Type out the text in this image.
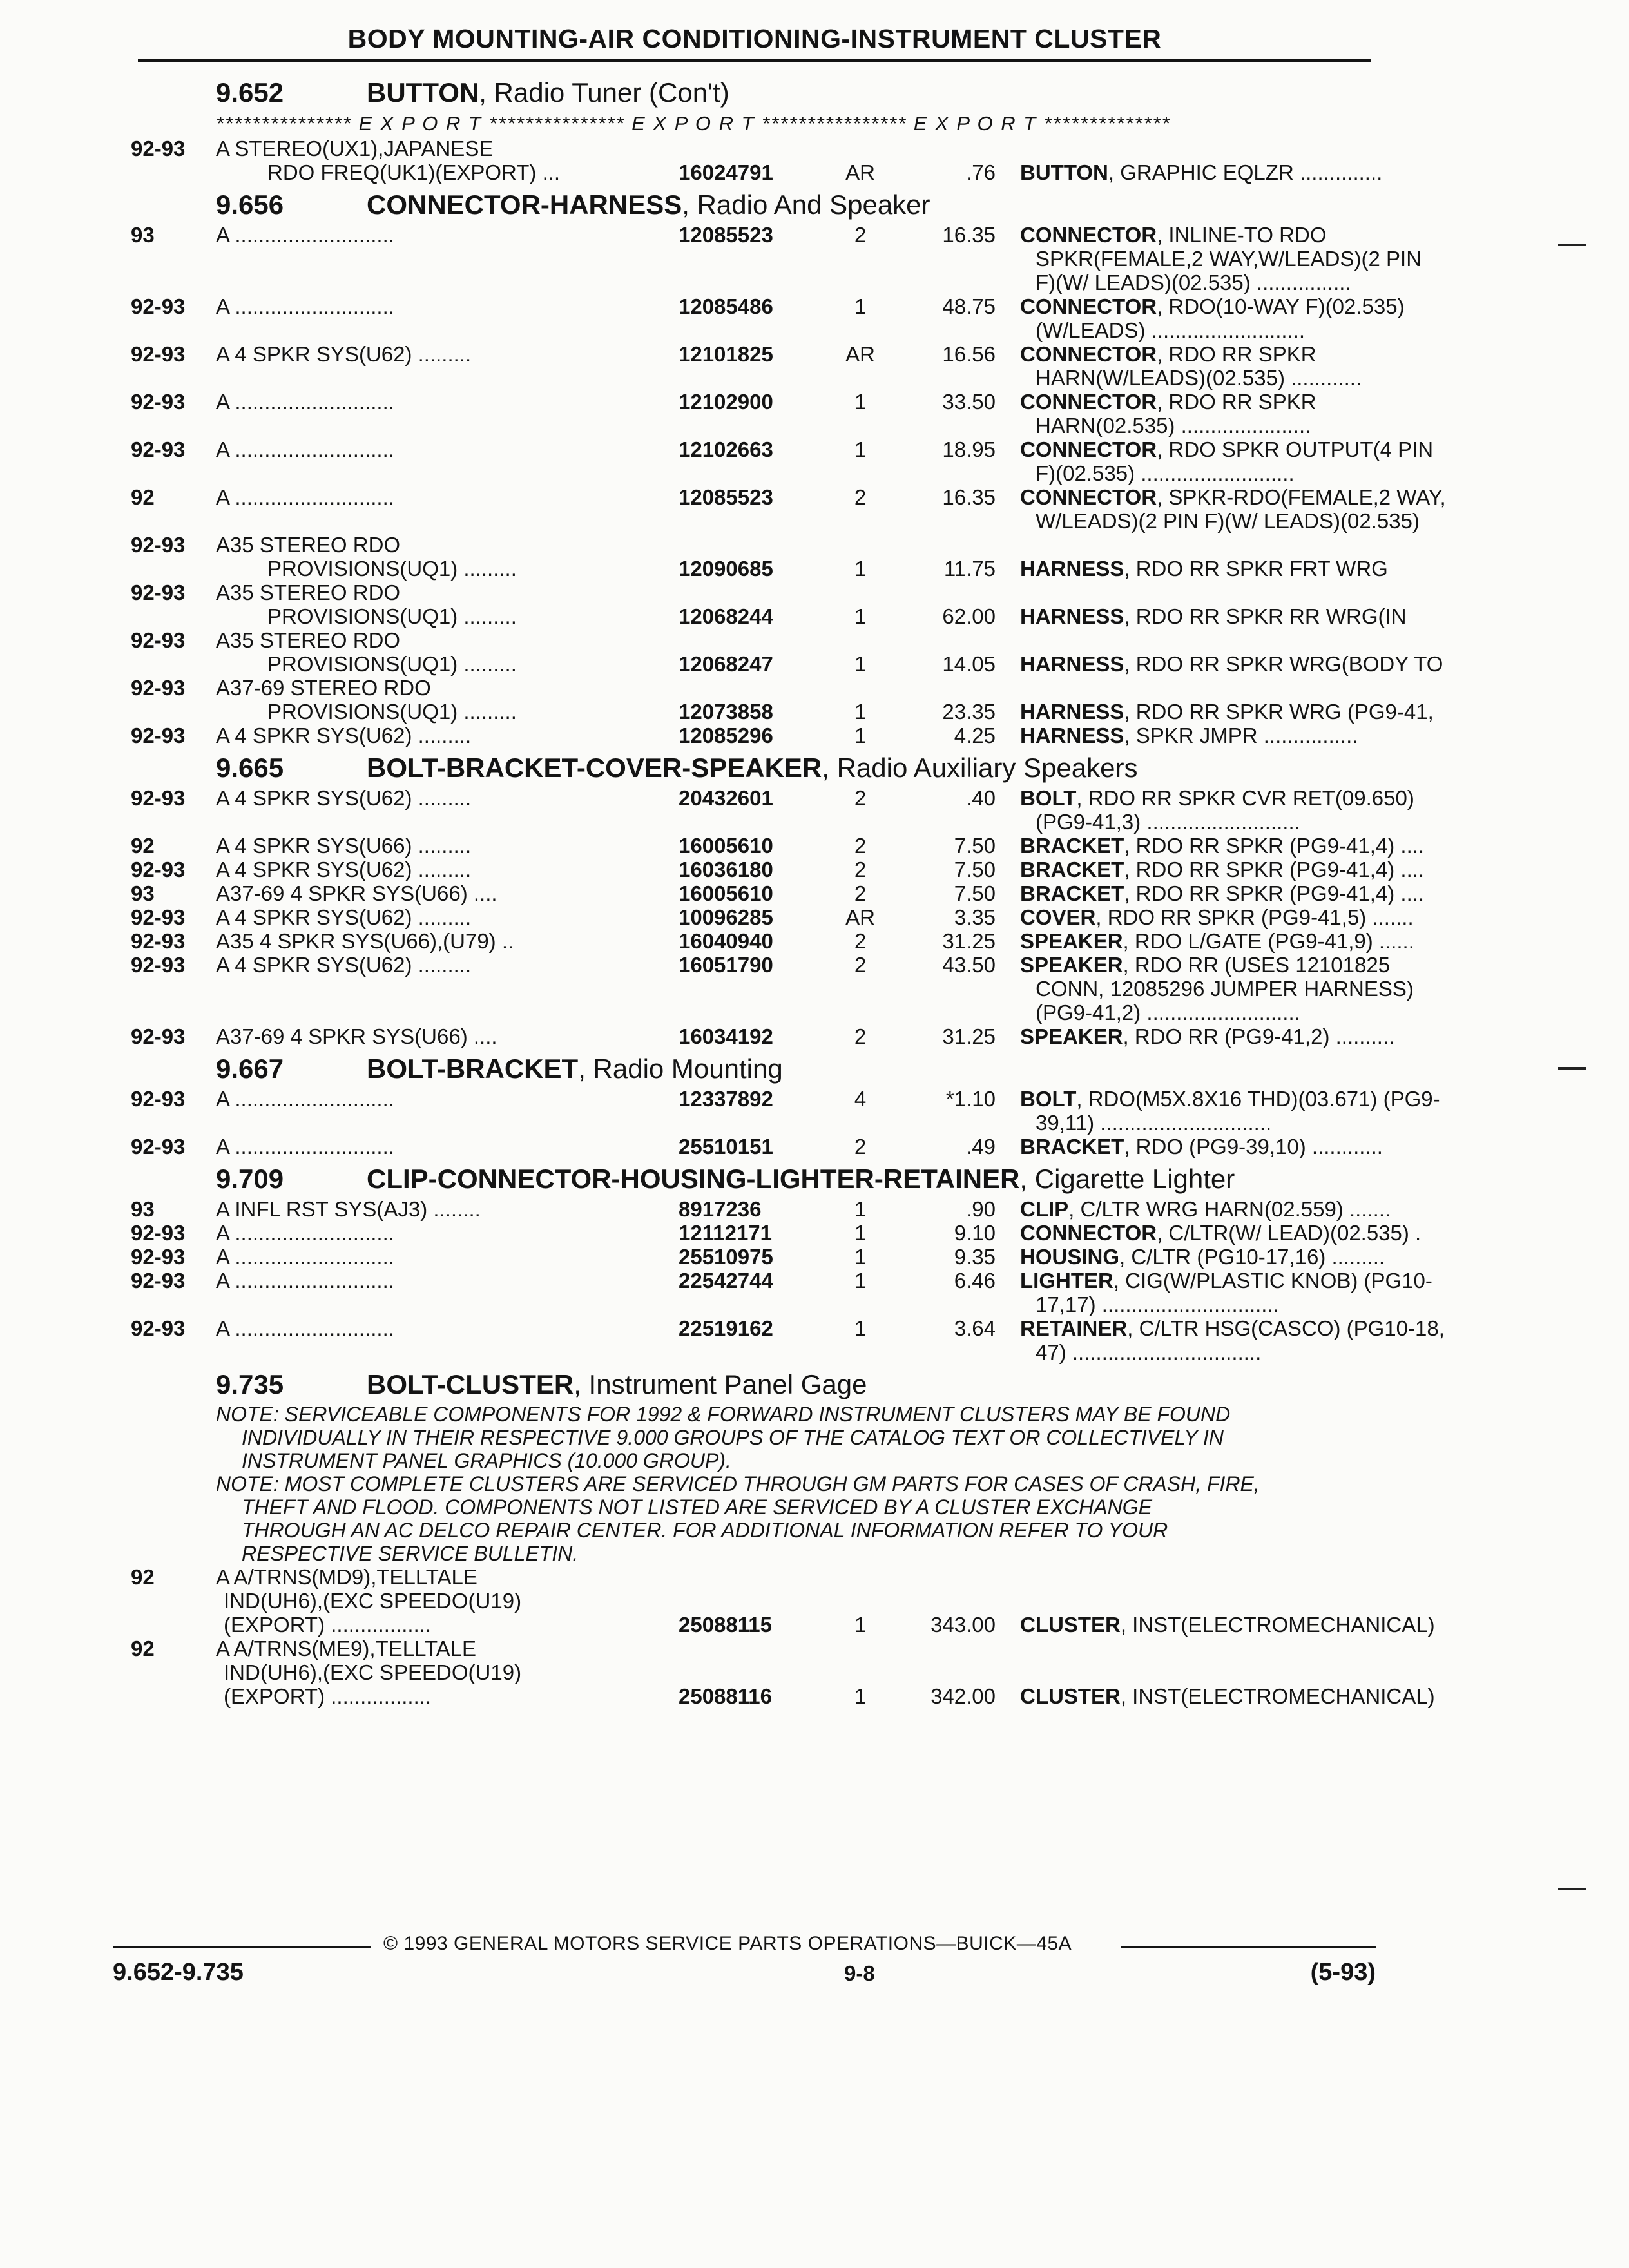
BODY MOUNTING-AIR CONDITIONING-INSTRUMENT CLUSTER
9.652	BUTTON, Radio Tuner (Con't)
*************** E X P O R T *************** E X P O R T **************** E X P O R T **************
92-93 A STEREO(UX1),JAPANESE
RDO FREQ(UK1)(EXPORT) ...	16024791	AR	.76 BUTTON, GRAPHIC EQLZR ..............
9.656	CONNECTOR-HARNESS, Radio And Speaker
93	A ...........................	12085523	2	16.35 CONNECTOR, INLINE-TO RDO
SPKR(FEMALE,2 WAY,W/LEADS)(2 PIN
F)(W/ LEADS)(02.535) ................
92-93 A ...........................	12085486	1	48.75 CONNECTOR, RDO(10-WAY F)(02.535)
(W/LEADS) ..........................
92-93 A 4 SPKR SYS(U62) .........	12101825	AR	16.56 CONNECTOR, RDO RR SPKR
HARN(W/LEADS)(02.535) ............
92-93 A ...........................	12102900	1	33.50 CONNECTOR, RDO RR SPKR
HARN(02.535) ......................
92-93 A ...........................	12102663	1	18.95 CONNECTOR, RDO SPKR OUTPUT(4 PIN
F)(02.535) ..........................
92	A ...........................	12085523	2	16.35 CONNECTOR, SPKR-RDO(FEMALE,2 WAY,
W/LEADS)(2 PIN F)(W/ LEADS)(02.535)
92-93 A35 STEREO RDO
PROVISIONS(UQ1) .........	12090685	1	11.75 HARNESS, RDO RR SPKR FRT WRG
92-93 A35 STEREO RDO
PROVISIONS(UQ1) .........	12068244	1	62.00 HARNESS, RDO RR SPKR RR WRG(IN
92-93 A35 STEREO RDO
PROVISIONS(UQ1) .........	12068247	1	14.05 HARNESS, RDO RR SPKR WRG(BODY TO
92-93 A37-69 STEREO RDO
PROVISIONS(UQ1) .........	12073858	1	23.35 HARNESS, RDO RR SPKR WRG (PG9-41,
92-93 A 4 SPKR SYS(U62) .........	12085296	1	4.25 HARNESS, SPKR JMPR ................
9.665	BOLT-BRACKET-COVER-SPEAKER, Radio Auxiliary Speakers
92-93 A 4 SPKR SYS(U62) .........	20432601	2	.40 BOLT, RDO RR SPKR CVR RET(09.650)
(PG9-41,3) ..........................
92	A 4 SPKR SYS(U66) .........	16005610	2	7.50 BRACKET, RDO RR SPKR (PG9-41,4) ....
92-93 A 4 SPKR SYS(U62) .........	16036180	2	7.50 BRACKET, RDO RR SPKR (PG9-41,4) ....
93	A37-69 4 SPKR SYS(U66) ....	16005610	2	7.50 BRACKET, RDO RR SPKR (PG9-41,4) ....
92-93 A 4 SPKR SYS(U62) .........	10096285	AR	3.35 COVER, RDO RR SPKR (PG9-41,5) .......
92-93 A35 4 SPKR SYS(U66),(U79) ..	16040940	2	31.25 SPEAKER, RDO L/GATE (PG9-41,9) ......
92-93 A 4 SPKR SYS(U62) .........	16051790	2	43.50 SPEAKER, RDO RR (USES 12101825
CONN, 12085296 JUMPER HARNESS)
(PG9-41,2) ..........................
92-93 A37-69 4 SPKR SYS(U66) ....	16034192	2	31.25 SPEAKER, RDO RR (PG9-41,2) ..........
9.667	BOLT-BRACKET, Radio Mounting
92-93 A ...........................	12337892	4	*1.10 BOLT, RDO(M5X.8X16 THD)(03.671) (PG9-
39,11) .............................
92-93 A ...........................	25510151	2	.49 BRACKET, RDO (PG9-39,10) ............
9.709	CLIP-CONNECTOR-HOUSING-LIGHTER-RETAINER, Cigarette Lighter
93	A INFL RST SYS(AJ3) ........	8917236	1	.90 CLIP, C/LTR WRG HARN(02.559) .......
92-93 A ...........................	12112171	1	9.10 CONNECTOR, C/LTR(W/ LEAD)(02.535) .
92-93 A ...........................	25510975	1	9.35 HOUSING, C/LTR (PG10-17,16) .........
92-93 A ...........................	22542744	1	6.46 LIGHTER, CIG(W/PLASTIC KNOB) (PG10-
17,17) ..............................
92-93 A ...........................	22519162	1	3.64 RETAINER, C/LTR HSG(CASCO) (PG10-18,
47) ................................
9.735	BOLT-CLUSTER, Instrument Panel Gage
NOTE: SERVICEABLE COMPONENTS FOR 1992 & FORWARD INSTRUMENT CLUSTERS MAY BE FOUND
INDIVIDUALLY IN THEIR RESPECTIVE 9.000 GROUPS OF THE CATALOG TEXT OR COLLECTIVELY IN
INSTRUMENT PANEL GRAPHICS (10.000 GROUP).
NOTE: MOST COMPLETE CLUSTERS ARE SERVICED THROUGH GM PARTS FOR CASES OF CRASH, FIRE,
THEFT AND FLOOD. COMPONENTS NOT LISTED ARE SERVICED BY A CLUSTER EXCHANGE
THROUGH AN AC DELCO REPAIR CENTER. FOR ADDITIONAL INFORMATION REFER TO YOUR
RESPECTIVE SERVICE BULLETIN.
92	A A/TRNS(MD9),TELLTALE
IND(UH6),(EXC SPEEDO(U19)
(EXPORT) .................	25088115	1	343.00 CLUSTER, INST(ELECTROMECHANICAL)
92	A A/TRNS(ME9),TELLTALE
IND(UH6),(EXC SPEEDO(U19)
(EXPORT) .................	25088116	1	342.00 CLUSTER, INST(ELECTROMECHANICAL)
© 1993 GENERAL MOTORS SERVICE PARTS OPERATIONS—BUICK—45A
9.652-9.735	9-8	(5-93)
